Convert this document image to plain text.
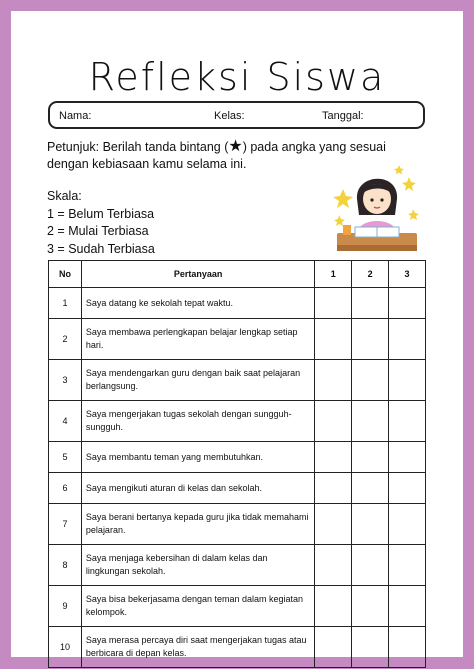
Refleksi Siswa
Nama:	Kelas:	Tanggal:
Petunjuk: Berilah tanda bintang (★) pada angka yang sesuai dengan kebiasaan kamu selama ini.
Skala:
1 = Belum Terbiasa
2 = Mulai Terbiasa
3 = Sudah Terbiasa
No	Pertanyaan	1	2	3
1	Saya datang ke sekolah tepat waktu.			
2	Saya membawa perlengkapan belajar lengkap setiap hari.			
3	Saya mendengarkan guru dengan baik saat pelajaran berlangsung.			
4	Saya mengerjakan tugas sekolah dengan sungguh-sungguh.			
5	Saya membantu teman yang membutuhkan.			
6	Saya mengikuti aturan di kelas dan sekolah.			
7	Saya berani bertanya kepada guru jika tidak memahami pelajaran.			
8	Saya menjaga kebersihan di dalam kelas dan lingkungan sekolah.			
9	Saya bisa bekerjasama dengan teman dalam kegiatan kelompok.			
10	Saya merasa percaya diri saat mengerjakan tugas atau berbicara di depan kelas.			
